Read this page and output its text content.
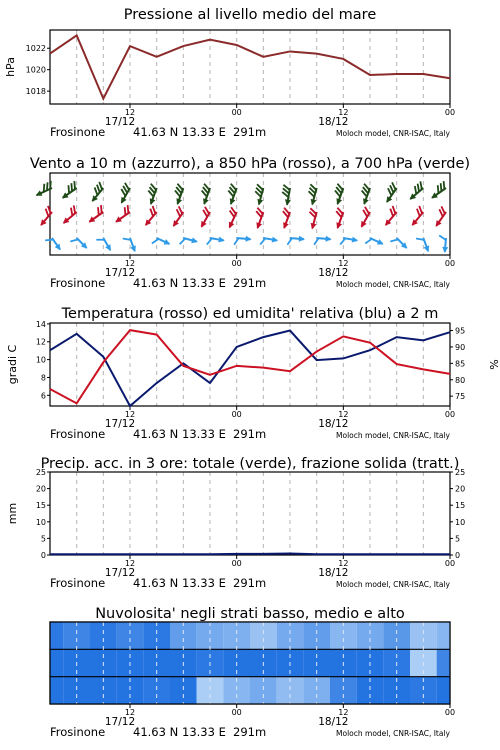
12
17/12
00	12
18/12
00
Frosinone 41.63 N 13.33 E 291m	Moloch model, CNR-ISAC, Italy
Pressione al livello medio del mare
12
17/12
00	12
18/12
00
Frosinone 41.63 N 13.33 E 291m	Moloch model, CNR-ISAC, Italy
Vento a 10 m (azzurro), a 850 hPa (rosso), a 700 hPa (verde)
12
17/12
00	12
18/12
00
Frosinone 41.63 N 13.33 E 291m	Moloch model, CNR-ISAC, Italy
Temperatura (rosso) ed umidita' relativa (blu) a 2 m
12
17/12
00	12
18/12
00
Frosinone 41.63 N 13.33 E 291m	Moloch model, CNR-ISAC, Italy
Precip. acc. in 3 ore: totale (verde), frazione solida (tratt.)
12
17/12
00	12
18/12
00
Frosinone 41.63 N 13.33 E 291m	Moloch model, CNR-ISAC, Italy
Nuvolosita' negli strati basso, medio e alto
1018
1020
1022
hPa
6
8
10
12
14
75
80
85
90
95
gradi C	%
0	0
5	5
10	10
15	15
20	20
25	25
mm
